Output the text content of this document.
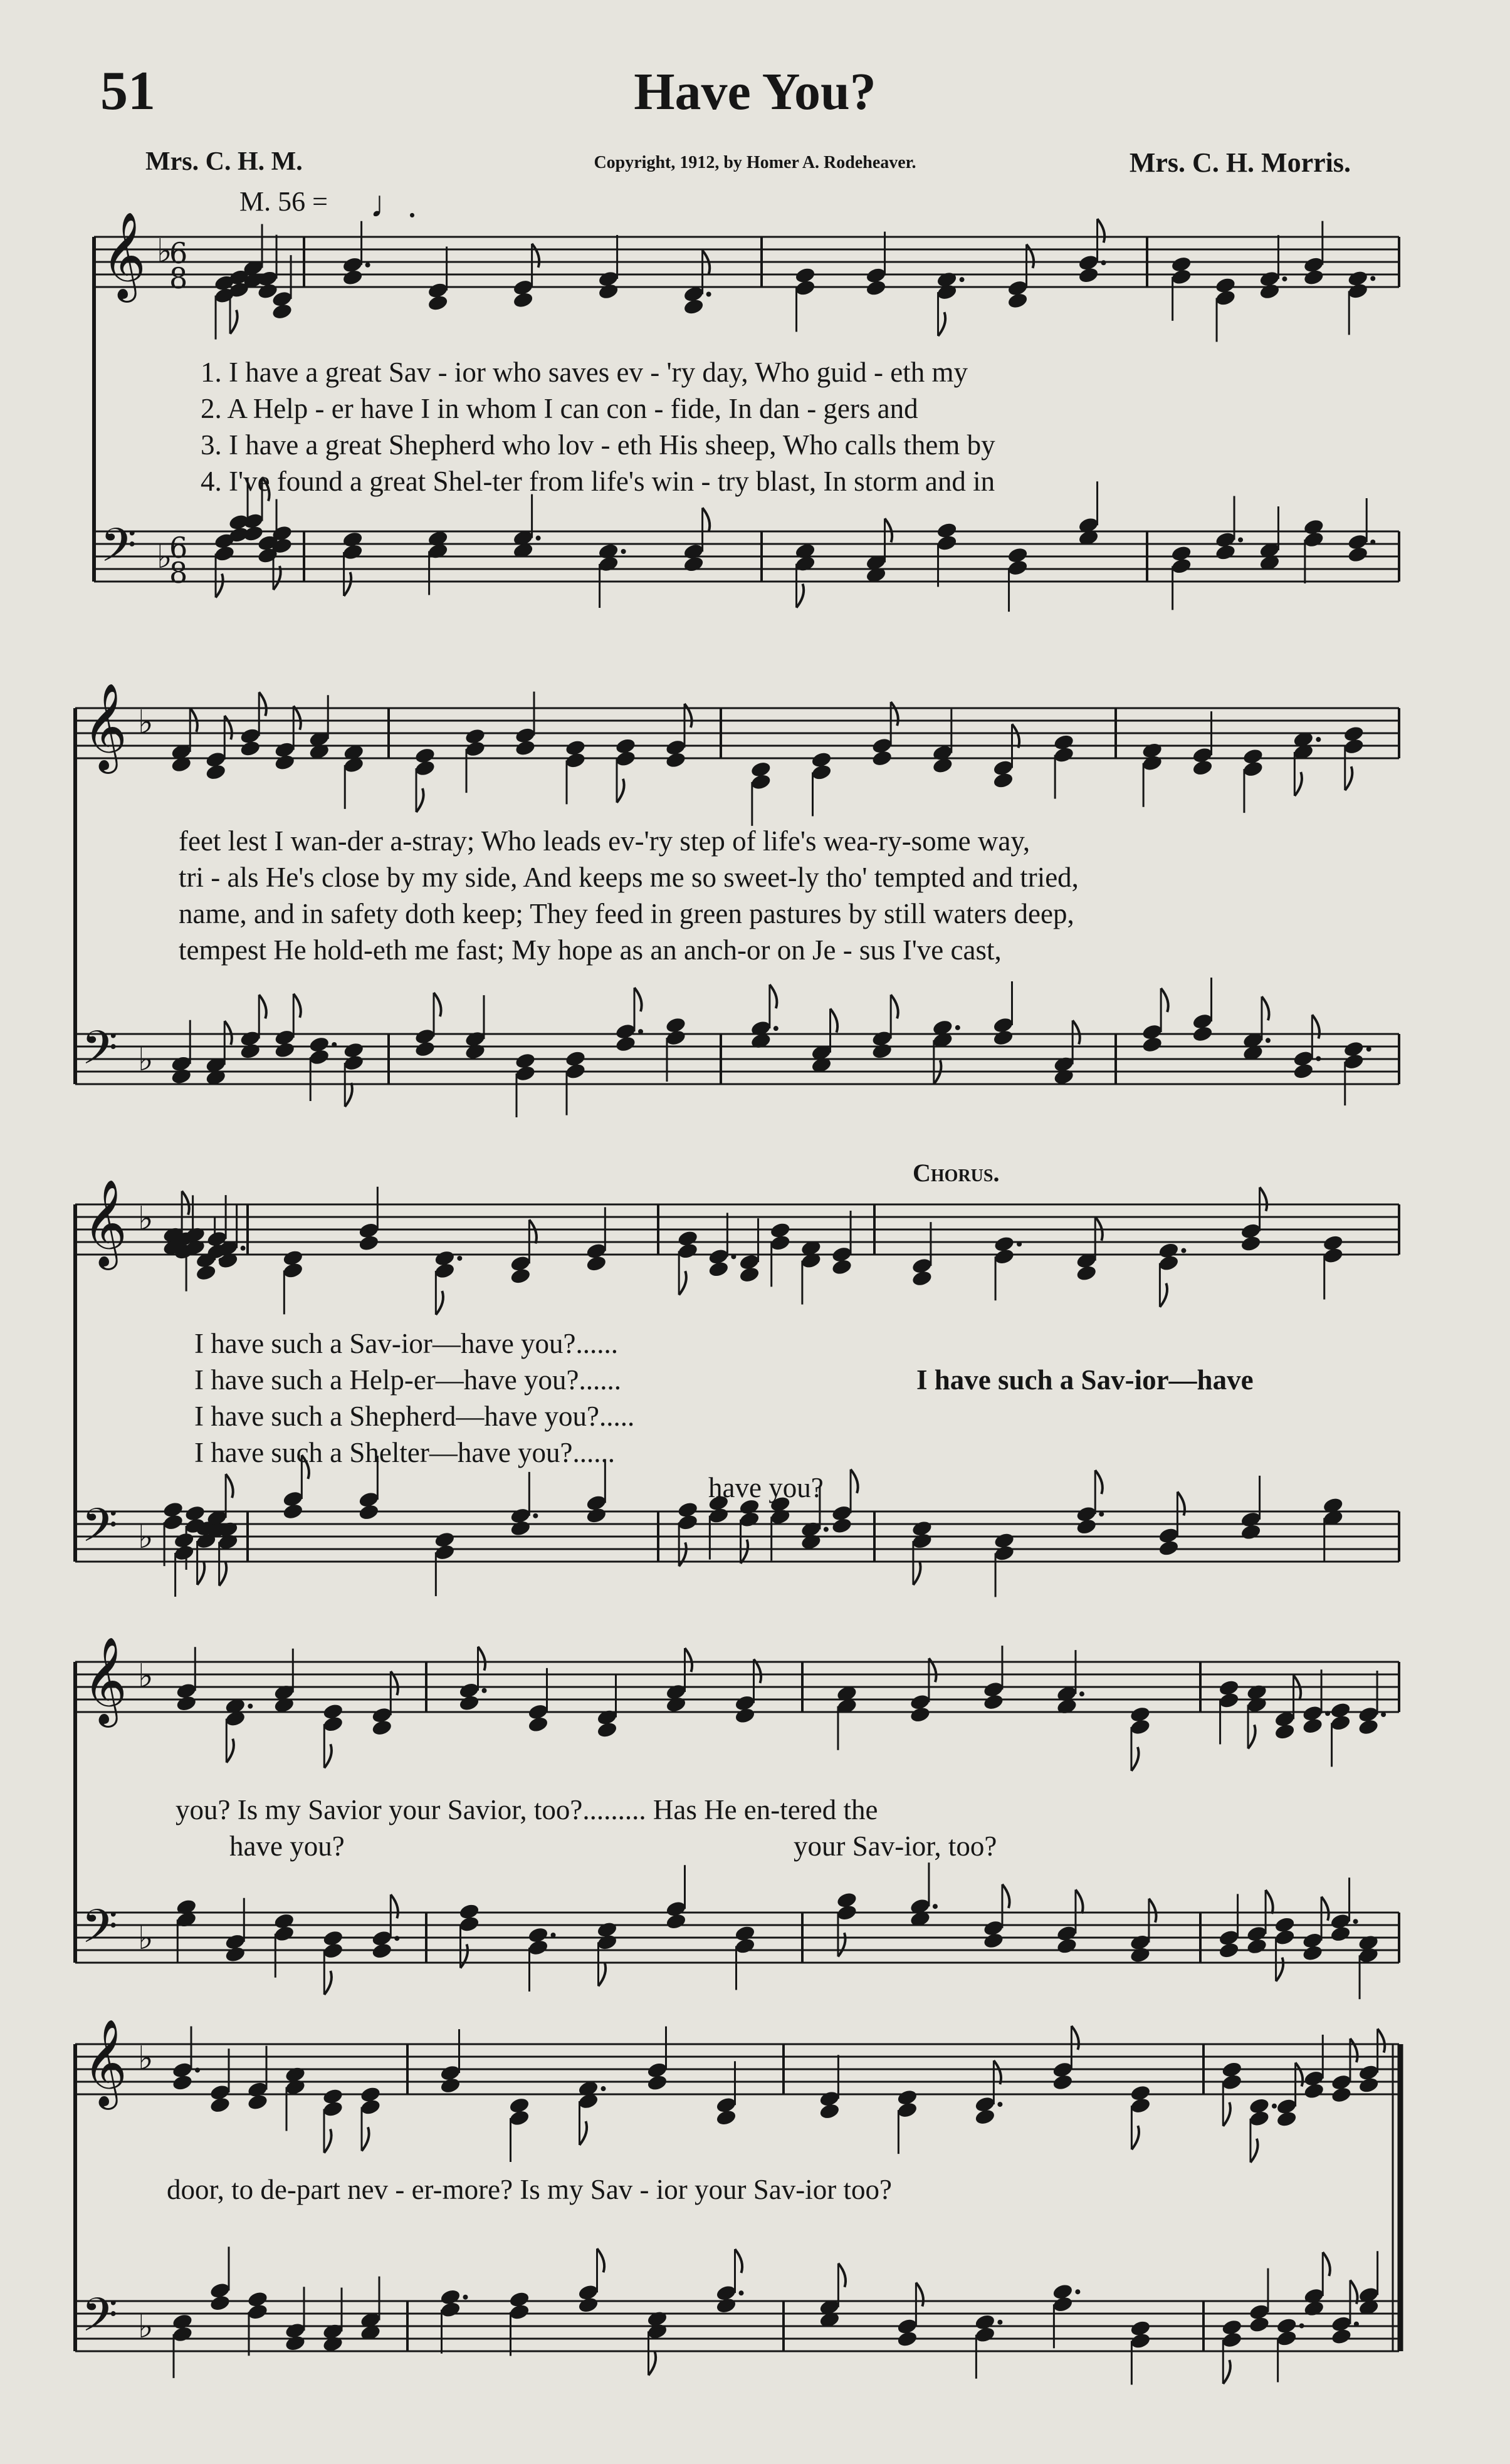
51	Have You?
Mrs. C. H. M.	Copyright, 1912, by Homer A. Rodeheaver.	Mrs. C. H. Morris.
M. 56 = ♩.
𝄞
𝄢
♭
♭
6
8
6
8
𝄞
𝄢
♭
♭
𝄞
𝄢
♭
♭
𝄞
𝄢
♭
♭
𝄞
𝄢
♭
♭
1. I have a great Sav - ior who saves ev - 'ry day, Who guid - eth my
2. A Help - er have I in whom I can con - fide, In dan - gers and
3. I have a great Shepherd who lov - eth His sheep, Who calls them by
4. I've found a great Shel-ter from life's win - try blast, In storm and in
feet lest I wan-der a-stray; Who leads ev-'ry step of life's wea-ry-some way,
tri - als He's close by my side, And keeps me so sweet-ly tho' tempted and tried,
name, and in safety doth keep; They feed in green pastures by still waters deep,
tempest He hold-eth me fast; My hope as an anch-or on Je - sus I've cast,
Chorus.
I have such a Sav-ior—have you?......
I have such a Help-er—have you?......
I have such a Shepherd—have you?.....
I have such a Shelter—have you?......
I have such a Sav-ior—have
have you?
you? Is my Savior your Savior, too?......... Has He en-tered the
have you?	your Sav-ior, too?
door, to de-part nev - er-more? Is my Sav - ior your Sav-ior too?
